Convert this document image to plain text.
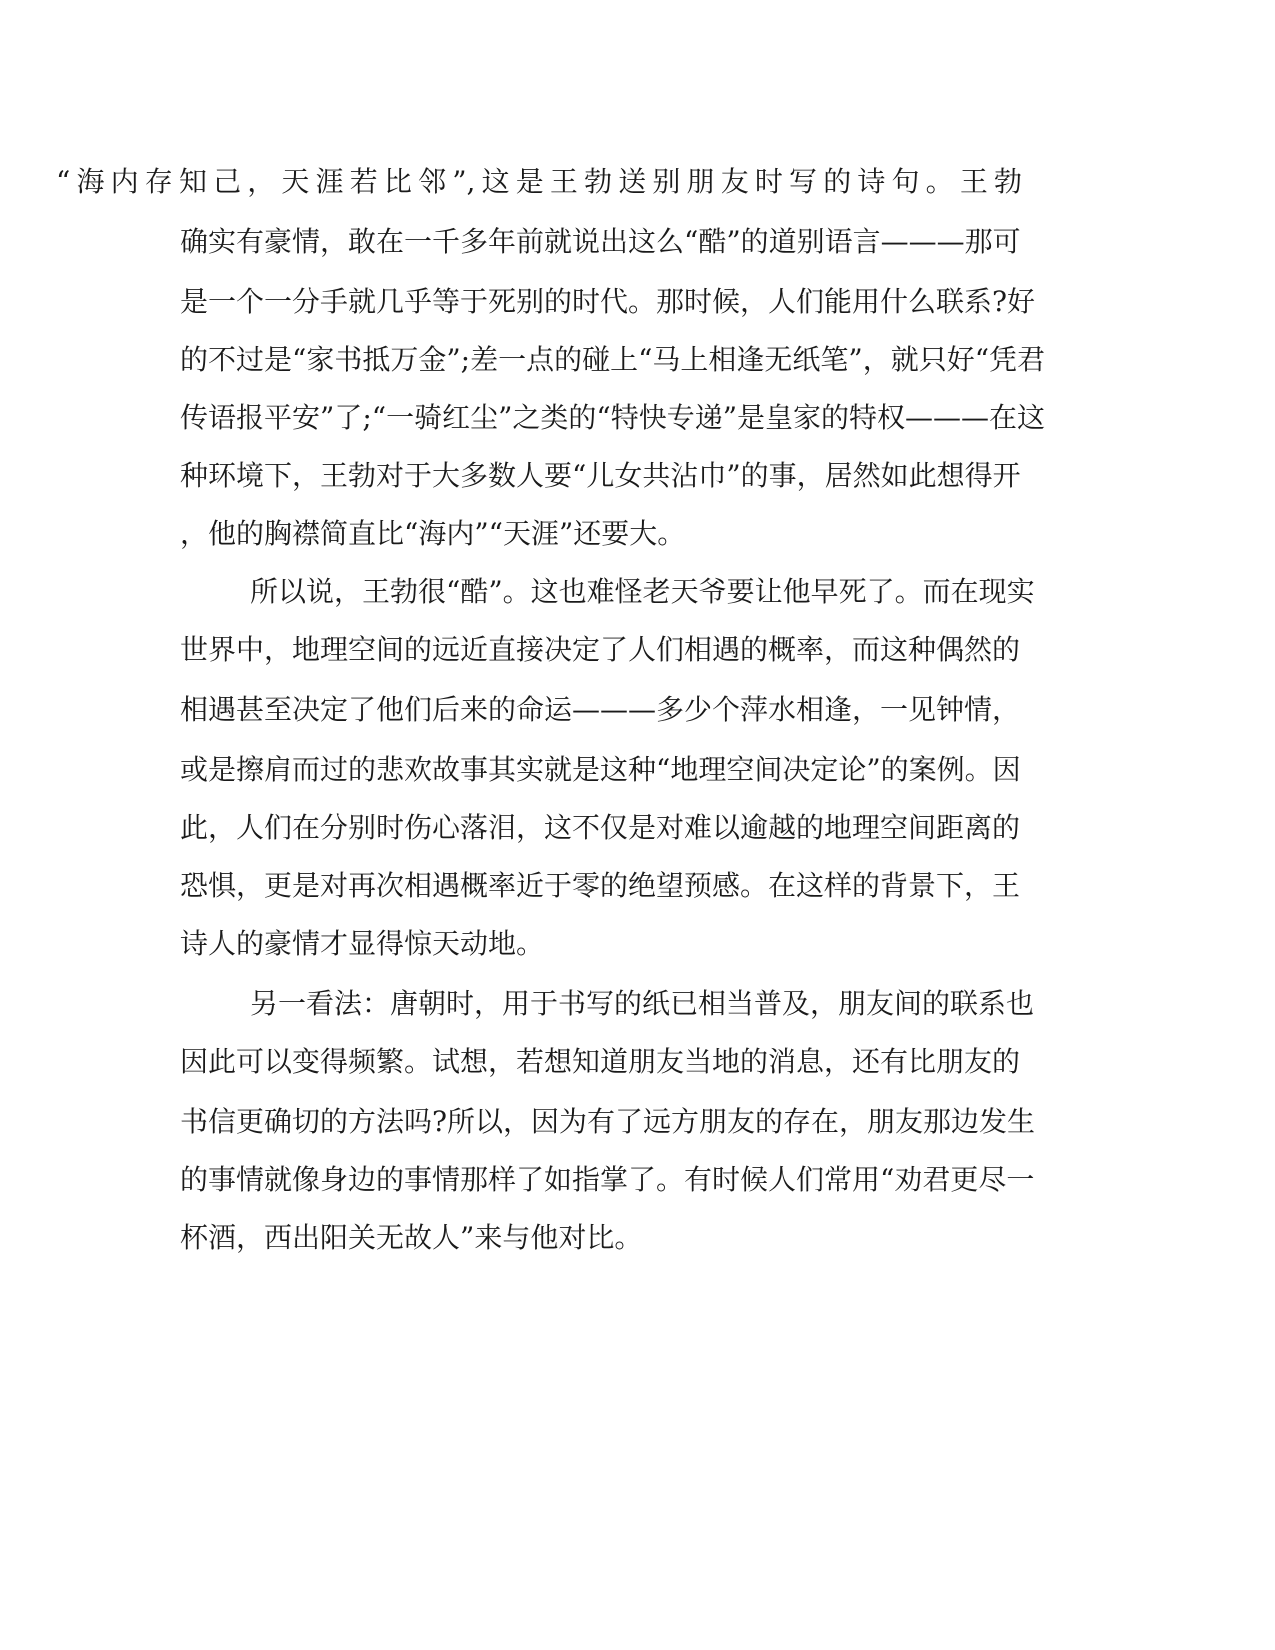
“海内存知己，天涯若比邻”,这是王勃送别朋友时写的诗句。王勃
确实有豪情，敢在一千多年前就说出这么“酷”的道别语言———那可
是一个一分手就几乎等于死别的时代。那时候，人们能用什么联系?好
的不过是“家书抵万金”;差一点的碰上“马上相逢无纸笔”，就只好“凭君
传语报平安”了;“一骑红尘”之类的“特快专递”是皇家的特权———在这
种环境下，王勃对于大多数人要“儿女共沾巾”的事，居然如此想得开
，他的胸襟简直比“海内”“天涯”还要大。
所以说，王勃很“酷”。这也难怪老天爷要让他早死了。而在现实
世界中，地理空间的远近直接决定了人们相遇的概率，而这种偶然的
相遇甚至决定了他们后来的命运———多少个萍水相逢，一见钟情，
或是擦肩而过的悲欢故事其实就是这种“地理空间决定论”的案例。因
此，人们在分别时伤心落泪，这不仅是对难以逾越的地理空间距离的
恐惧，更是对再次相遇概率近于零的绝望预感。在这样的背景下，王
诗人的豪情才显得惊天动地。
另一看法：唐朝时，用于书写的纸已相当普及，朋友间的联系也
因此可以变得频繁。试想，若想知道朋友当地的消息，还有比朋友的
书信更确切的方法吗?所以，因为有了远方朋友的存在，朋友那边发生
的事情就像身边的事情那样了如指掌了。有时候人们常用“劝君更尽一
杯酒，西出阳关无故人”来与他对比。
